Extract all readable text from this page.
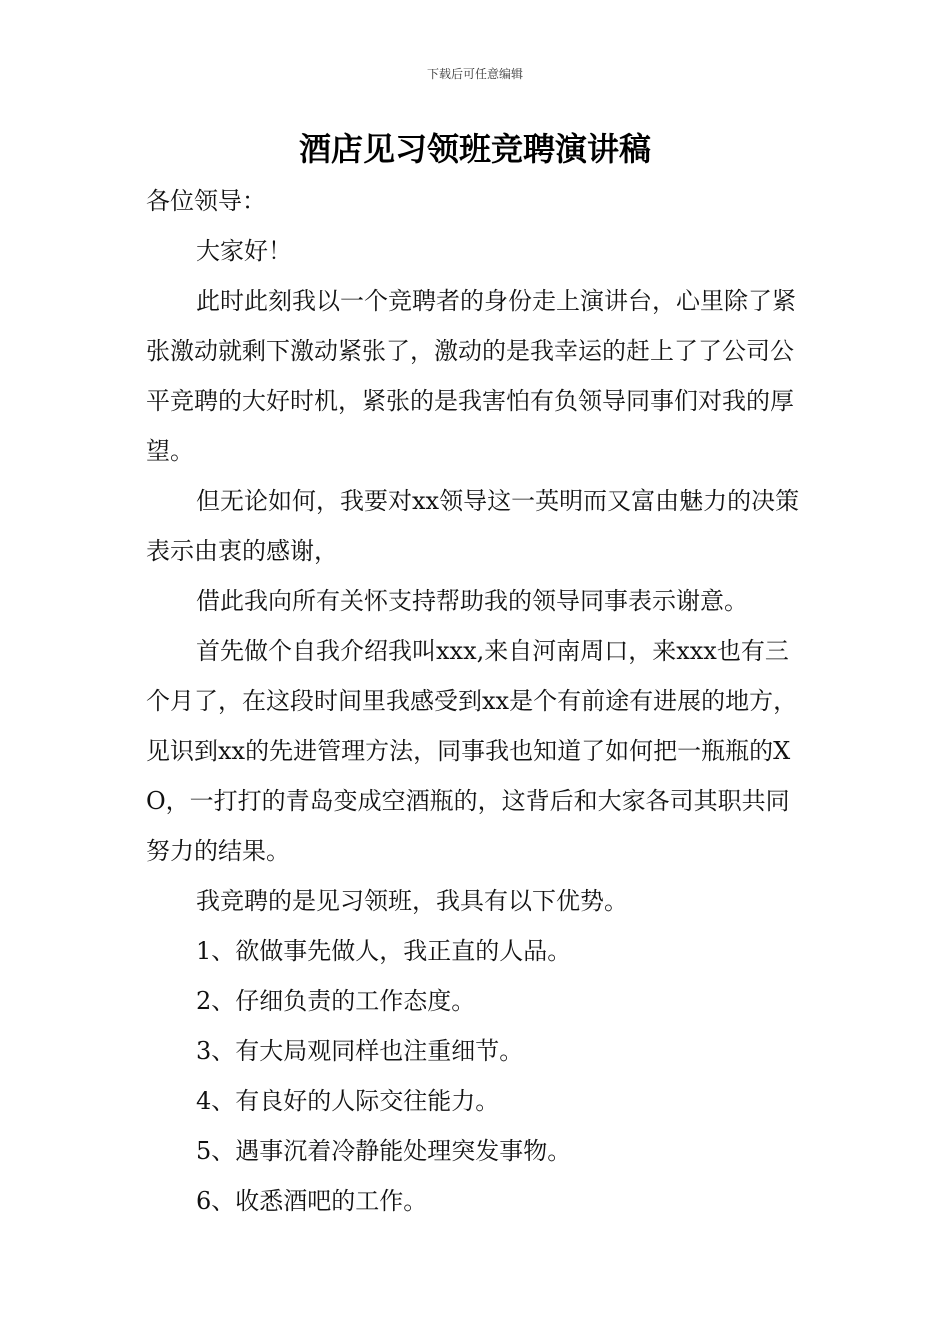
下载后可任意编辑
酒店见习领班竞聘演讲稿

各位领导：

大家好！

此时此刻我以一个竞聘者的身份走上演讲台，心里除了紧张激动就剩下激动紧张了，激动的是我幸运的赶上了了公司公平竞聘的大好时机，紧张的是我害怕有负领导同事们对我的厚望。

但无论如何，我要对xx领导这一英明而又富由魅力的决策表示由衷的感谢，

借此我向所有关怀支持帮助我的领导同事表示谢意。

首先做个自我介绍我叫xxx,来自河南周口，来xxx也有三个月了，在这段时间里我感受到xx是个有前途有进展的地方，见识到xx的先进管理方法，同事我也知道了如何把一瓶瓶的XO，一打打的青岛变成空酒瓶的，这背后和大家各司其职共同努力的结果。

我竞聘的是见习领班，我具有以下优势。

1、欲做事先做人，我正直的人品。

2、仔细负责的工作态度。

3、有大局观同样也注重细节。

4、有良好的人际交往能力。

5、遇事沉着冷静能处理突发事物。

6、收悉酒吧的工作。
